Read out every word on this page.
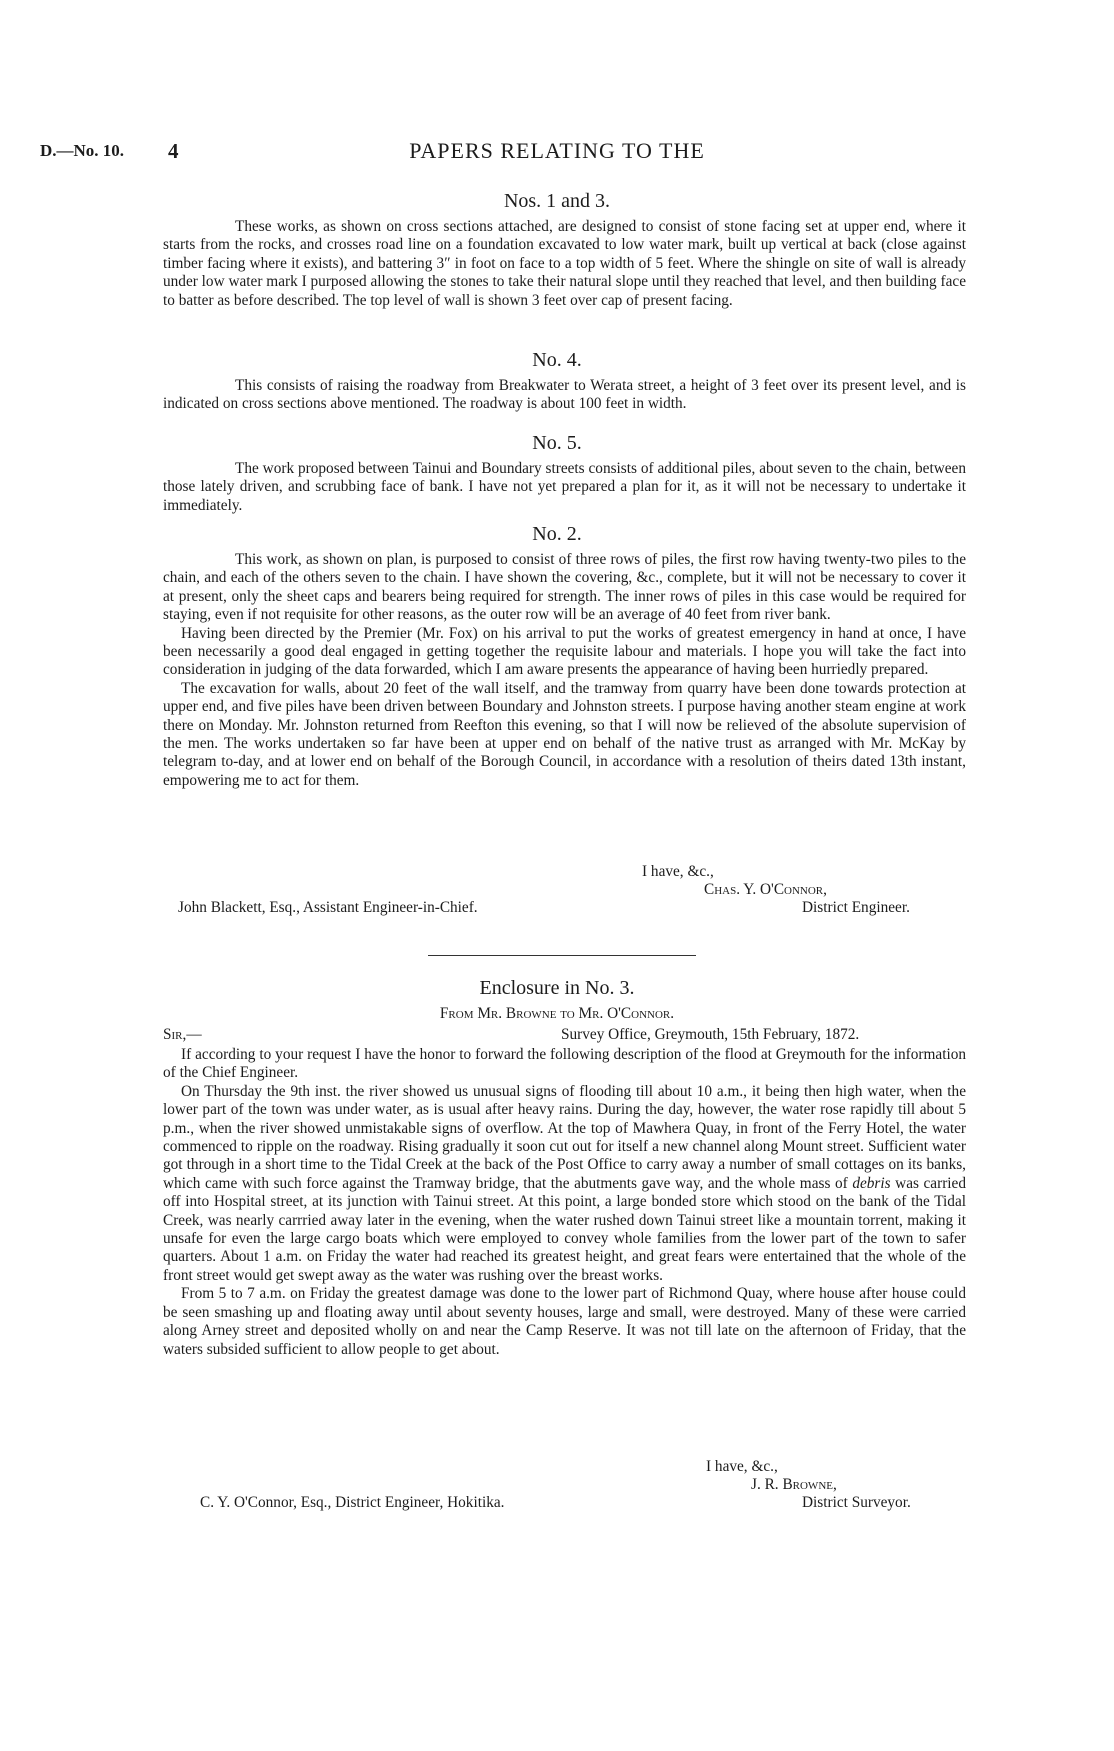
D.—No. 10. 4	PAPERS RELATING TO THE
Nos. 1 and 3.

These works, as shown on cross sections attached, are designed to consist of stone facing set at upper end, where it starts from the rocks, and crosses road line on a foundation excavated to low water mark, built up vertical at back (close against timber facing where it exists), and battering 3″ in foot on face to a top width of 5 feet. Where the shingle on site of wall is already under low water mark I purposed allowing the stones to take their natural slope until they reached that level, and then building face to batter as before described. The top level of wall is shown 3 feet over cap of present facing.

No. 4.

This consists of raising the roadway from Breakwater to Werata street, a height of 3 feet over its present level, and is indicated on cross sections above mentioned. The roadway is about 100 feet in width.

No. 5.

The work proposed between Tainui and Boundary streets consists of additional piles, about seven to the chain, between those lately driven, and scrubbing face of bank. I have not yet prepared a plan for it, as it will not be necessary to undertake it immediately.

No. 2.

This work, as shown on plan, is purposed to consist of three rows of piles, the first row having twenty-two piles to the chain, and each of the others seven to the chain. I have shown the covering, &c., complete, but it will not be necessary to cover it at present, only the sheet caps and bearers being required for strength. The inner rows of piles in this case would be required for staying, even if not requisite for other reasons, as the outer row will be an average of 40 feet from river bank.

Having been directed by the Premier (Mr. Fox) on his arrival to put the works of greatest emergency in hand at once, I have been necessarily a good deal engaged in getting together the requisite labour and materials. I hope you will take the fact into consideration in judging of the data forwarded, which I am aware presents the appearance of having been hurriedly prepared.

The excavation for walls, about 20 feet of the wall itself, and the tramway from quarry have been done towards protection at upper end, and five piles have been driven between Boundary and Johnston streets. I purpose having another steam engine at work there on Monday. Mr. Johnston returned from Reefton this evening, so that I will now be relieved of the absolute supervision of the men. The works undertaken so far have been at upper end on behalf of the native trust as arranged with Mr. McKay by telegram to-day, and at lower end on behalf of the Borough Council, in accordance with a resolution of theirs dated 13th instant, empowering me to act for them.

I have, &c.,
Chas. Y. O'Connor,
District Engineer.
John Blackett, Esq., Assistant Engineer-in-Chief.
Enclosure in No. 3.
From Mr. Browne to Mr. O'Connor.
Sir,—	Survey Office, Greymouth, 15th February, 1872.

If according to your request I have the honor to forward the following description of the flood at Greymouth for the information of the Chief Engineer.

On Thursday the 9th inst. the river showed us unusual signs of flooding till about 10 a.m., it being then high water, when the lower part of the town was under water, as is usual after heavy rains. During the day, however, the water rose rapidly till about 5 p.m., when the river showed unmistakable signs of overflow. At the top of Mawhera Quay, in front of the Ferry Hotel, the water commenced to ripple on the roadway. Rising gradually it soon cut out for itself a new channel along Mount street. Sufficient water got through in a short time to the Tidal Creek at the back of the Post Office to carry away a number of small cottages on its banks, which came with such force against the Tramway bridge, that the abutments gave way, and the whole mass of debris was carried off into Hospital street, at its junction with Tainui street. At this point, a large bonded store which stood on the bank of the Tidal Creek, was nearly carrried away later in the evening, when the water rushed down Tainui street like a mountain torrent, making it unsafe for even the large cargo boats which were employed to convey whole families from the lower part of the town to safer quarters. About 1 a.m. on Friday the water had reached its greatest height, and great fears were entertained that the whole of the front street would get swept away as the water was rushing over the breast works.

From 5 to 7 a.m. on Friday the greatest damage was done to the lower part of Richmond Quay, where house after house could be seen smashing up and floating away until about seventy houses, large and small, were destroyed. Many of these were carried along Arney street and deposited wholly on and near the Camp Reserve. It was not till late on the afternoon of Friday, that the waters subsided sufficient to allow people to get about.

I have, &c.,
J. R. Browne,
District Surveyor.
C. Y. O'Connor, Esq., District Engineer, Hokitika.
